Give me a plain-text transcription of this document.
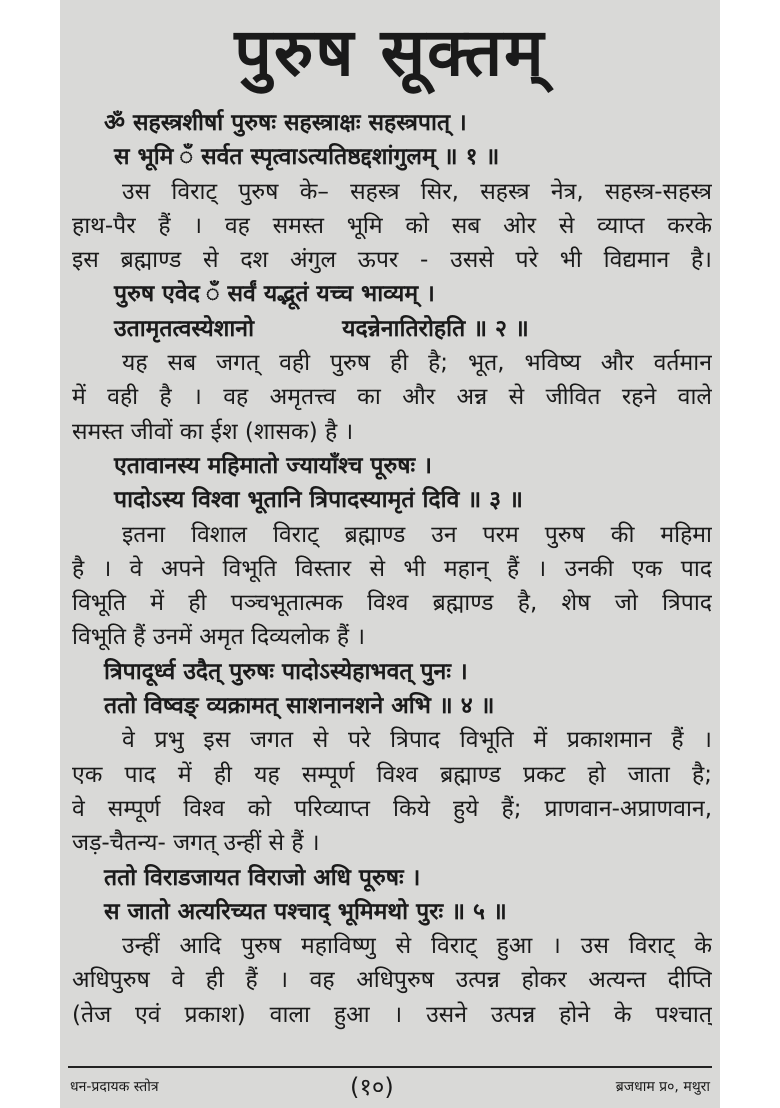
पुरुष सूक्तम्
ॐ सहस्त्रशीर्षा पुरुषः सहस्त्राक्षः सहस्त्रपात् ।
स भूमि ँ सर्वत स्पृत्वाऽत्यतिष्ठद्दशांगुलम् ॥ १ ॥
उस विराट् पुरुष के– सहस्त्र सिर, सहस्त्र नेत्र, सहस्त्र-सहस्त्र
हाथ-पैर हैं । वह समस्त भूमि को सब ओर से व्याप्त करके
इस ब्रह्माण्ड से दश अंगुल ऊपर - उससे परे भी विद्यमान है।
पुरुष एवेद ँ सर्वं यद्भूतं यच्च भाव्यम् ।
उतामृतत्वस्येशानो           यदन्नेनातिरोहति ॥ २ ॥
यह सब जगत् वही पुरुष ही है; भूत, भविष्य और वर्तमान
में वही है । वह अमृतत्त्व का और अन्न से जीवित रहने वाले
समस्त जीवों का ईश (शासक) है ।
एतावानस्य महिमातो ज्यायाँश्च पूरुषः ।
पादोऽस्य विश्वा भूतानि त्रिपादस्यामृतं दिवि ॥ ३ ॥
इतना विशाल विराट् ब्रह्माण्ड उन परम पुरुष की महिमा
है । वे अपने विभूति विस्तार से भी महान् हैं । उनकी एक पाद
विभूति में ही पञ्चभूतात्मक विश्व ब्रह्माण्ड है, शेष जो त्रिपाद
विभूति हैं उनमें अमृत दिव्यलोक हैं ।
त्रिपादूर्ध्व उदैत् पुरुषः पादोऽस्येहाभवत् पुनः ।
ततो विष्वङ् व्यक्रामत् साशनानशने अभि ॥ ४ ॥
वे प्रभु इस जगत से परे त्रिपाद विभूति में प्रकाशमान हैं ।
एक पाद में ही यह सम्पूर्ण विश्व ब्रह्माण्ड प्रकट हो जाता है;
वे सम्पूर्ण विश्व को परिव्याप्त किये हुये हैं; प्राणवान-अप्राणवान,
जड़-चैतन्य- जगत् उन्हीं से हैं ।
ततो विराडजायत विराजो अधि पूरुषः ।
स जातो अत्यरिच्यत पश्चाद् भूमिमथो पुरः ॥ ५ ॥
उन्हीं आदि पुरुष महाविष्णु से विराट् हुआ । उस विराट् के
अधिपुरुष वे ही हैं । वह अधिपुरुष उत्पन्न होकर अत्यन्त दीप्ति
(तेज एवं प्रकाश) वाला हुआ । उसने उत्पन्न होने के पश्चात्
धन-प्रदायक स्तोत्र	(१०)	ब्रजधाम प्र०, मथुरा
